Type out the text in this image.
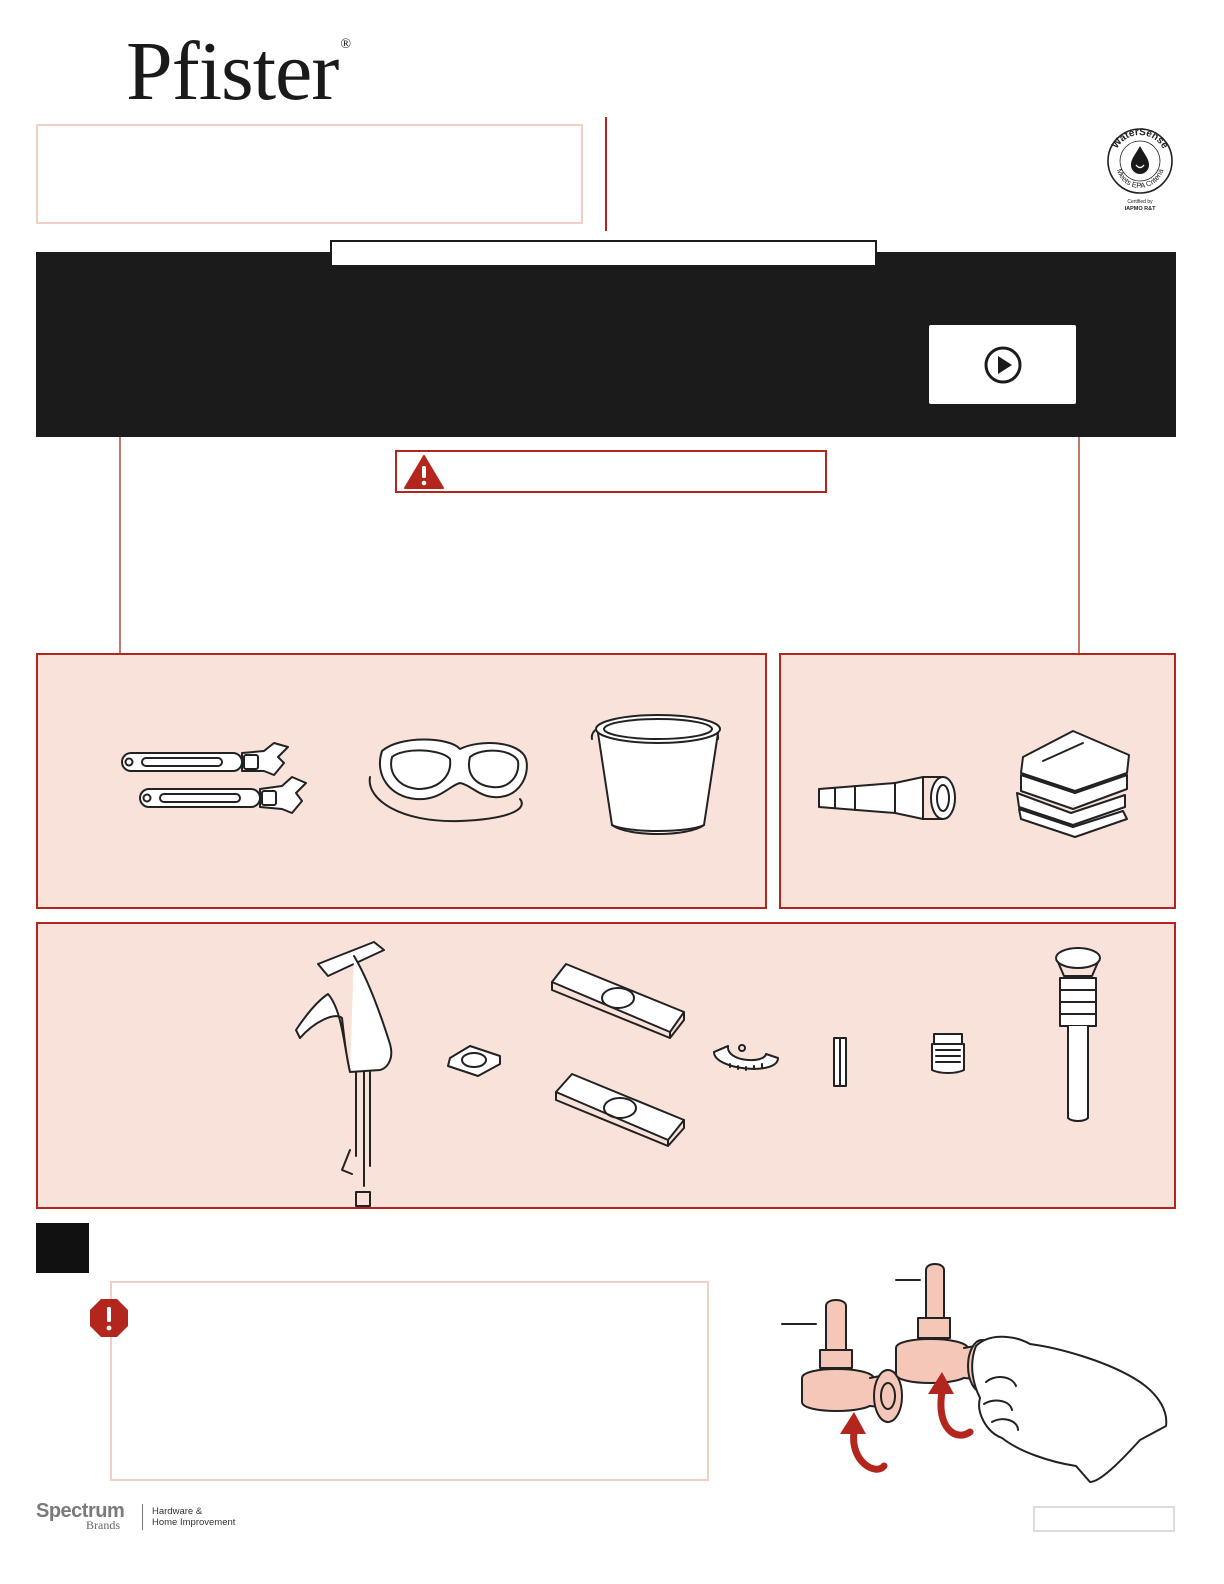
Pfister ®
WaterSense
Meets EPA Criteria
Certified by
IAPMO R&T
Spectrum
Brands
Hardware &
Home Improvement
